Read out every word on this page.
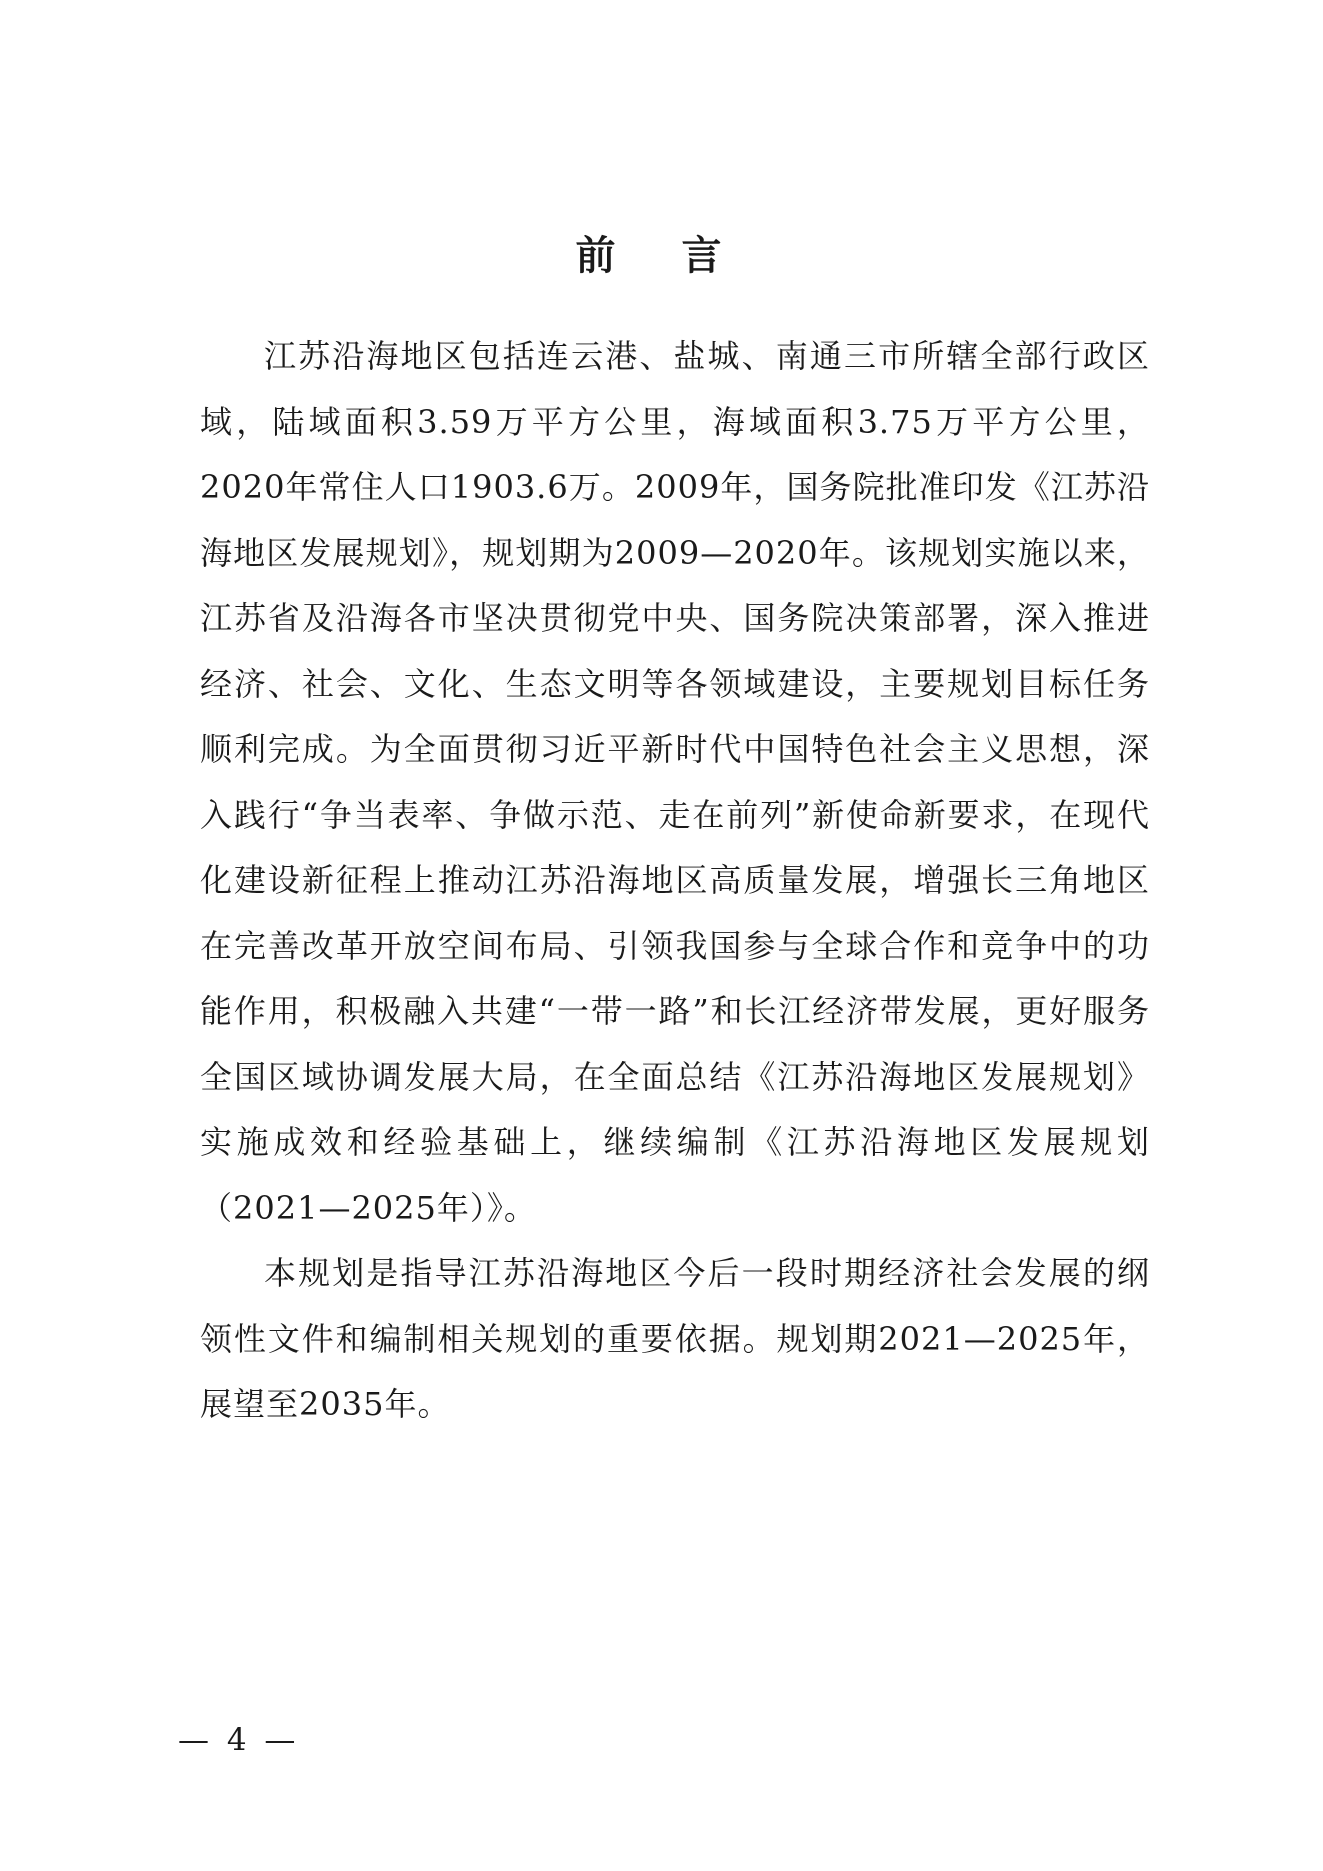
前 言

江苏沿海地区包括连云港、盐城、南通三市所辖全部行政区域，陆域面积3.59万平方公里，海域面积3.75万平方公里，2020年常住人口1903.6万。2009年，国务院批准印发《江苏沿海地区发展规划》，规划期为2009—2020年。该规划实施以来，江苏省及沿海各市坚决贯彻党中央、国务院决策部署，深入推进经济、社会、文化、生态文明等各领域建设，主要规划目标任务顺利完成。为全面贯彻习近平新时代中国特色社会主义思想，深入践行“争当表率、争做示范、走在前列”新使命新要求，在现代化建设新征程上推动江苏沿海地区高质量发展，增强长三角地区在完善改革开放空间布局、引领我国参与全球合作和竞争中的功能作用，积极融入共建“一带一路”和长江经济带发展，更好服务全国区域协调发展大局，在全面总结《江苏沿海地区发展规划》实施成效和经验基础上，继续编制《江苏沿海地区发展规划（2021—2025年）》。

本规划是指导江苏沿海地区今后一段时期经济社会发展的纲领性文件和编制相关规划的重要依据。规划期2021—2025年，展望至2035年。

— 4 —
